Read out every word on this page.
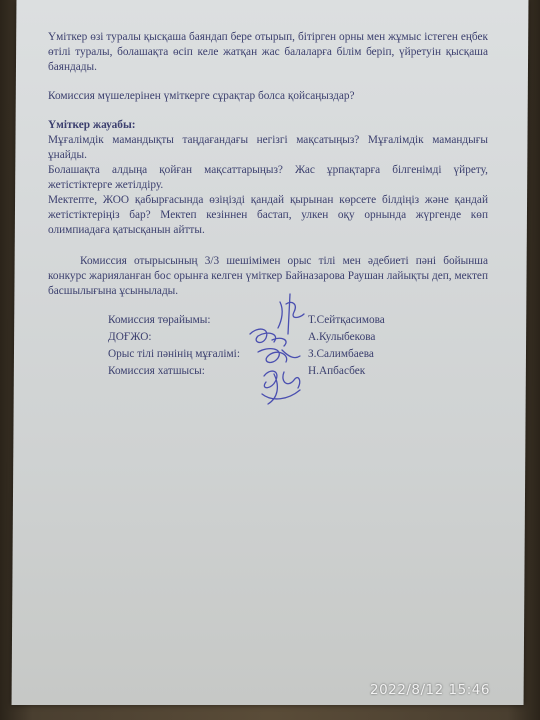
Үміткер өзі туралы қысқаша баяндап бере отырып, бітірген орны мен жұмыс істеген еңбек өтілі туралы, болашақта өсіп келе жатқан жас балаларға білім беріп, үйретуін қысқаша баяндады.

Комиссия мүшелерінен үміткерге сұрақтар болса қойсаңыздар?

Үміткер жауабы:

Мұғалімдік мамандықты таңдағандағы негізгі мақсатыңыз? Мұғалімдік мамандығы ұнайды.

Болашақта алдыңа қойған мақсаттарыңыз? Жас ұрпақтарға білгенімді үйрету, жетістіктерге жетілдіру.

Мектепте, ЖОО қабырғасында өзіңізді қандай қырынан көрсете білдіңіз және қандай жетістіктеріңіз бар? Мектеп кезіннен бастап, улкен оқу орнында жүргенде көп олимпиадаға қатысқанын айтты.

Комиссия отырысының 3/3 шешімімен орыс тілі мен әдебиеті пәні бойынша конкурс жарияланған бос орынға келген үміткер Байназарова Раушан лайықты деп, мектеп басшылығына ұсынылады.

Комиссия төрайымы:	Т.Сейтқасимова
ДОҒЖО:	А.Кулыбекова
Орыс тілі пәнінің мұғалімі:	З.Салимбаева
Комиссия хатшысы:	Н.Апбасбек
2022/8/12 15:46
